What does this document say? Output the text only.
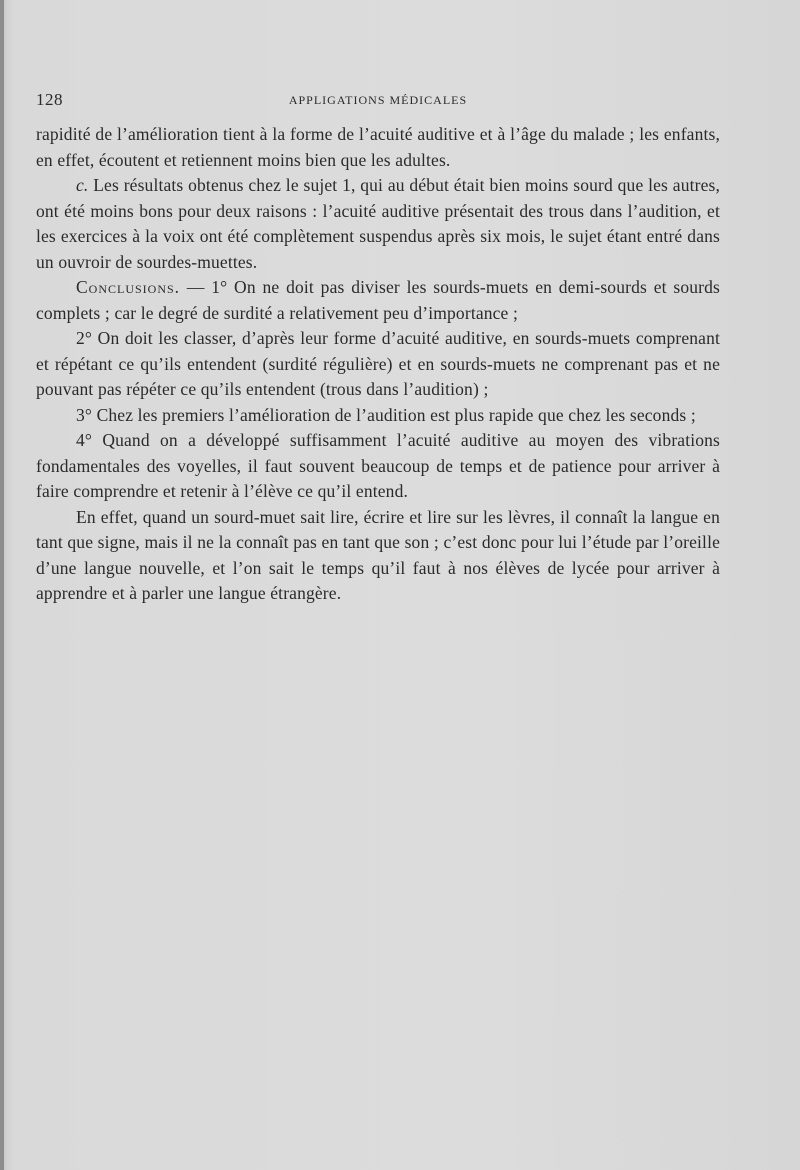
128	APPLIGATIONS MÉDICALES

rapidité de l’amélioration tient à la forme de l’acuité auditive et à l’âge du malade ; les enfants, en effet, écoutent et retiennent moins bien que les adultes.

c. Les résultats obtenus chez le sujet 1, qui au début était bien moins sourd que les autres, ont été moins bons pour deux raisons : l’acuité auditive présentait des trous dans l’audition, et les exercices à la voix ont été complètement suspendus après six mois, le sujet étant entré dans un ouvroir de sourdes-muettes.

Conclusions. — 1° On ne doit pas diviser les sourds-muets en demi-sourds et sourds complets ; car le degré de surdité a relativement peu d’importance ;

2° On doit les classer, d’après leur forme d’acuité auditive, en sourds-muets comprenant et répétant ce qu’ils entendent (surdité régulière) et en sourds-muets ne comprenant pas et ne pouvant pas répéter ce qu’ils entendent (trous dans l’audition) ;

3° Chez les premiers l’amélioration de l’audition est plus rapide que chez les seconds ;

4° Quand on a développé suffisamment l’acuité auditive au moyen des vibrations fondamentales des voyelles, il faut souvent beaucoup de temps et de patience pour arriver à faire comprendre et retenir à l’élève ce qu’il entend.

En effet, quand un sourd-muet sait lire, écrire et lire sur les lèvres, il connaît la langue en tant que signe, mais il ne la connaît pas en tant que son ; c’est donc pour lui l’étude par l’oreille d’une langue nouvelle, et l’on sait le temps qu’il faut à nos élèves de lycée pour arriver à apprendre et à parler une langue étrangère.
